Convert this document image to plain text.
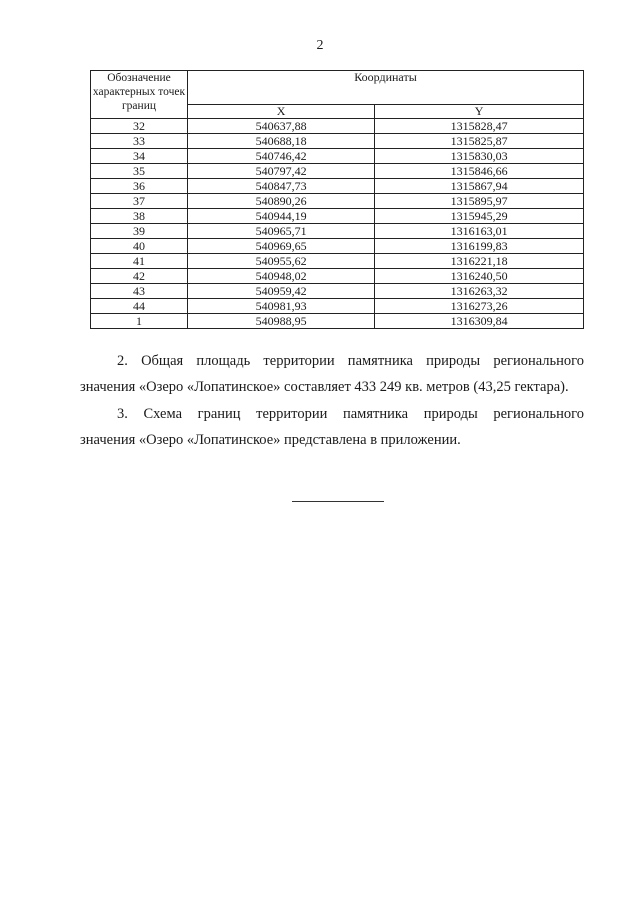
2
Обозначение характерных точек границ	Координаты	
	X	Y
32	540637,88	1315828,47
33	540688,18	1315825,87
34	540746,42	1315830,03
35	540797,42	1315846,66
36	540847,73	1315867,94
37	540890,26	1315895,97
38	540944,19	1315945,29
39	540965,71	1316163,01
40	540969,65	1316199,83
41	540955,62	1316221,18
42	540948,02	1316240,50
43	540959,42	1316263,32
44	540981,93	1316273,26
1	540988,95	1316309,84
2. Общая площадь территории памятника природы регионального
значения «Озеро «Лопатинское» составляет 433 249 кв. метров (43,25 гектара).
3. Схема границ территории памятника природы регионального
значения «Озеро «Лопатинское» представлена в приложении.
